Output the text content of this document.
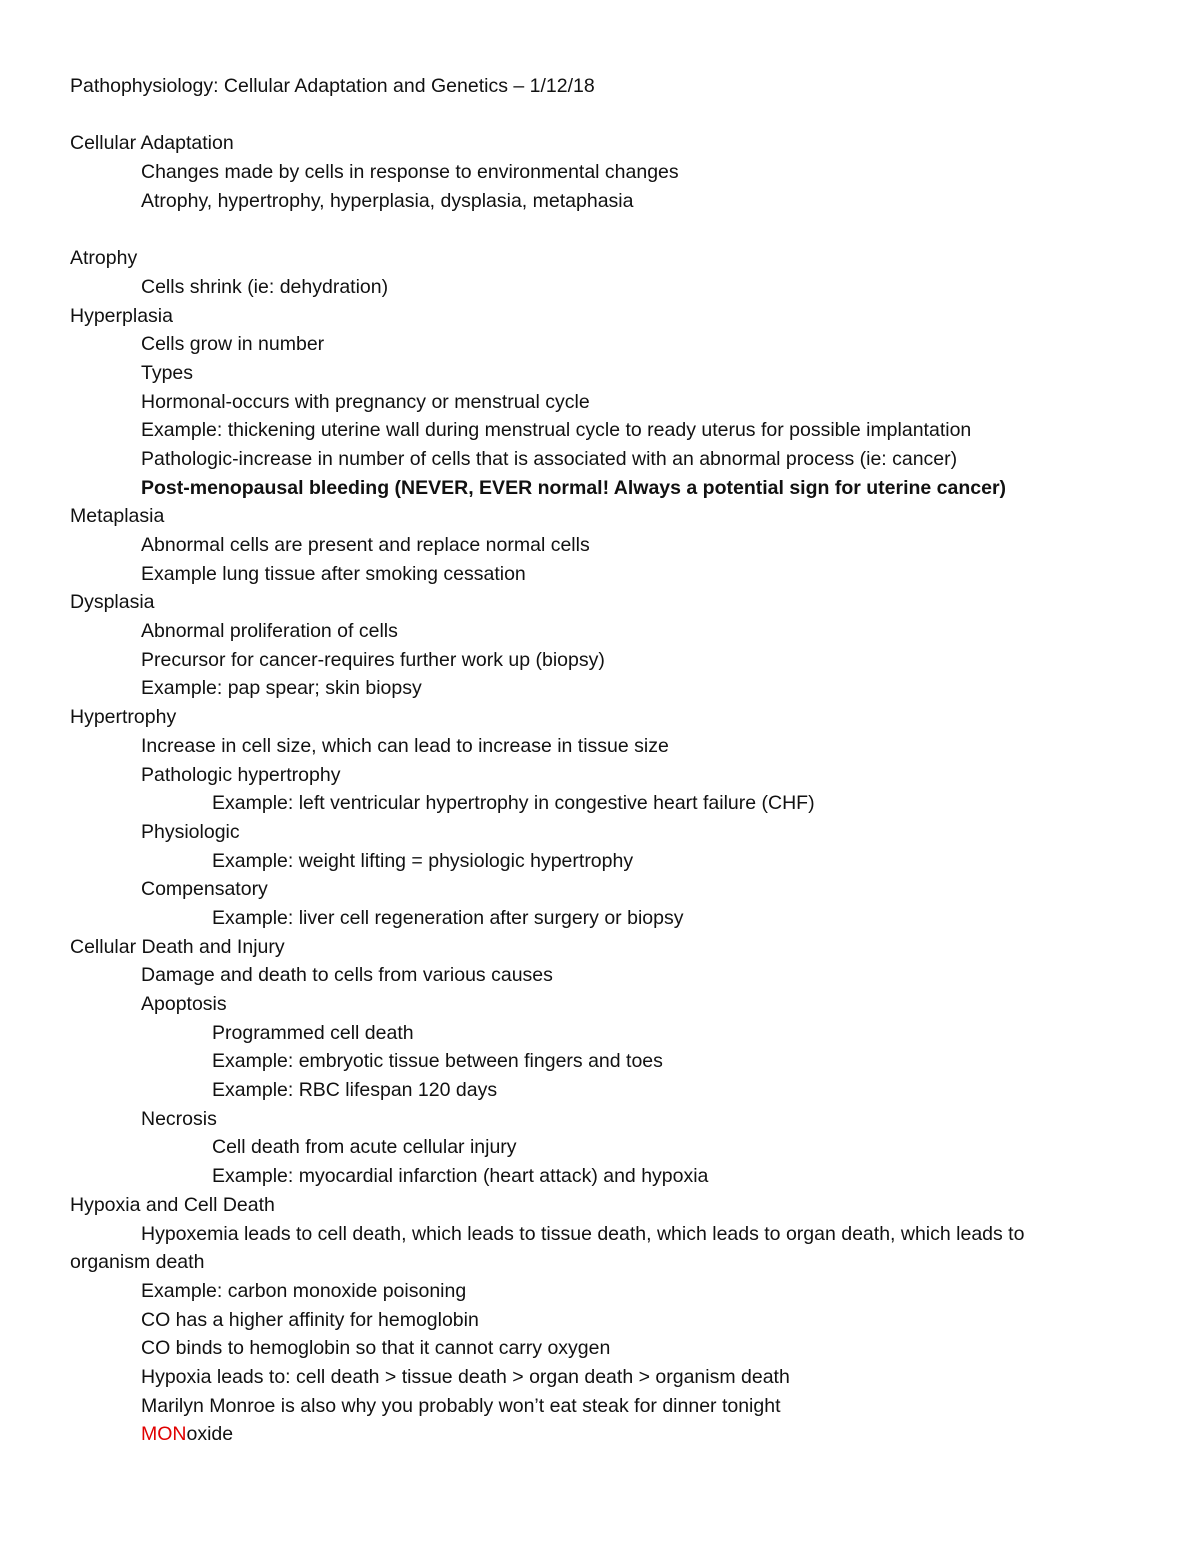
Pathophysiology: Cellular Adaptation and Genetics – 1/12/18
Cellular Adaptation
Changes made by cells in response to environmental changes
Atrophy, hypertrophy, hyperplasia, dysplasia, metaphasia
Atrophy
Cells shrink (ie: dehydration)
Hyperplasia
Cells grow in number
Types
Hormonal-occurs with pregnancy or menstrual cycle
Example: thickening uterine wall during menstrual cycle to ready uterus for possible implantation
Pathologic-increase in number of cells that is associated with an abnormal process (ie: cancer)
Post-menopausal bleeding (NEVER, EVER normal! Always a potential sign for uterine cancer)
Metaplasia
Abnormal cells are present and replace normal cells
Example lung tissue after smoking cessation
Dysplasia
Abnormal proliferation of cells
Precursor for cancer-requires further work up (biopsy)
Example: pap spear; skin biopsy
Hypertrophy
Increase in cell size, which can lead to increase in tissue size
Pathologic hypertrophy
Example: left ventricular hypertrophy in congestive heart failure (CHF)
Physiologic
Example: weight lifting = physiologic hypertrophy
Compensatory
Example: liver cell regeneration after surgery or biopsy
Cellular Death and Injury
Damage and death to cells from various causes
Apoptosis
Programmed cell death
Example: embryotic tissue between fingers and toes
Example: RBC lifespan 120 days
Necrosis
Cell death from acute cellular injury
Example: myocardial infarction (heart attack) and hypoxia
Hypoxia and Cell Death
Hypoxemia leads to cell death, which leads to tissue death, which leads to organ death, which leads to
organism death
Example: carbon monoxide poisoning
CO has a higher affinity for hemoglobin
CO binds to hemoglobin so that it cannot carry oxygen
Hypoxia leads to: cell death > tissue death > organ death > organism death
Marilyn Monroe is also why you probably won’t eat steak for dinner tonight
MONoxide
